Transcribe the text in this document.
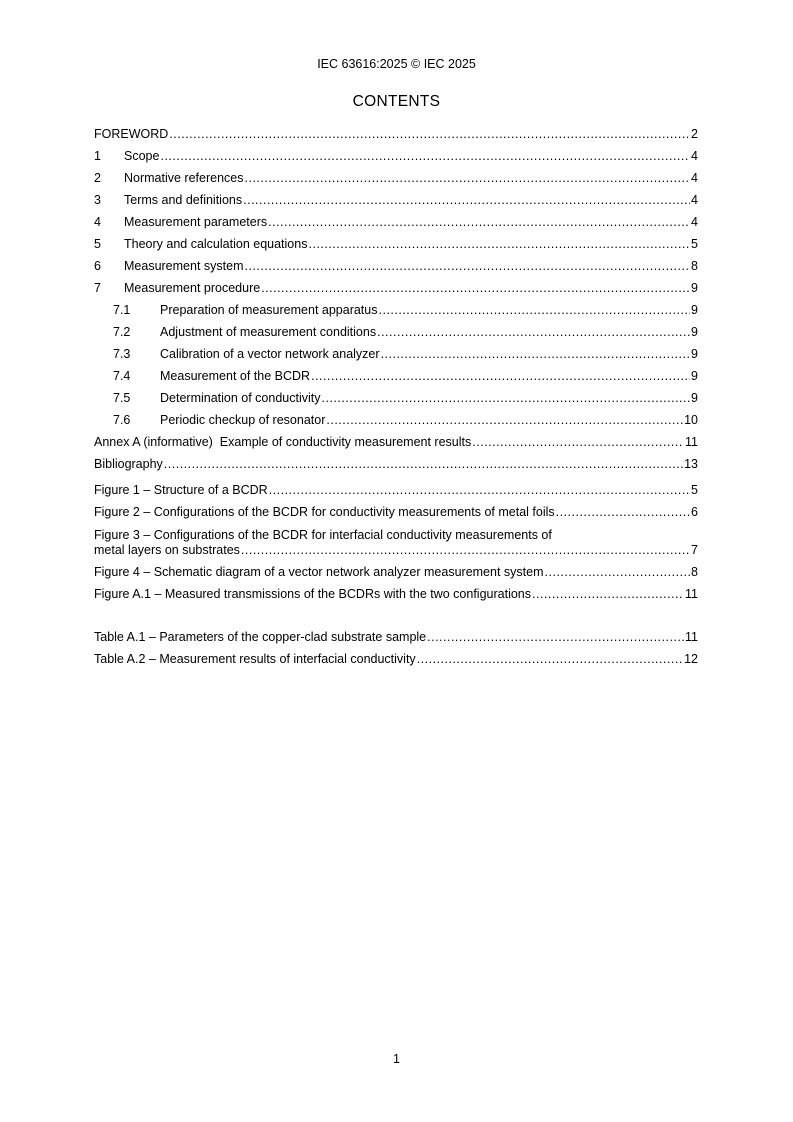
IEC 63616:2025 © IEC 2025
CONTENTS
FOREWORD .....	2
1	Scope .....	4
2	Normative references .....	4
3	Terms and definitions .....	4
4	Measurement parameters .....	4
5	Theory and calculation equations .....	5
6	Measurement system .....	8
7	Measurement procedure .....	9
7.1	Preparation of measurement apparatus .....	9
7.2	Adjustment of measurement conditions .....	9
7.3	Calibration of a vector network analyzer .....	9
7.4	Measurement of the BCDR .....	9
7.5	Determination of conductivity .....	9
7.6	Periodic checkup of resonator .....	10
Annex A (informative)  Example of conductivity measurement results .....	11
Bibliography .....	13
Figure 1 – Structure of a BCDR .....	5
Figure 2 – Configurations of the BCDR for conductivity measurements of metal foils .....	6
Figure 3 – Configurations of the BCDR for interfacial conductivity measurements of
metal layers on substrates .....	7
Figure 4 – Schematic diagram of a vector network analyzer measurement system .....	8
Figure A.1 – Measured transmissions of the BCDRs with the two configurations .....	11
Table A.1 – Parameters of the copper-clad substrate sample .....	11
Table A.2 – Measurement results of interfacial conductivity .....	12
1
